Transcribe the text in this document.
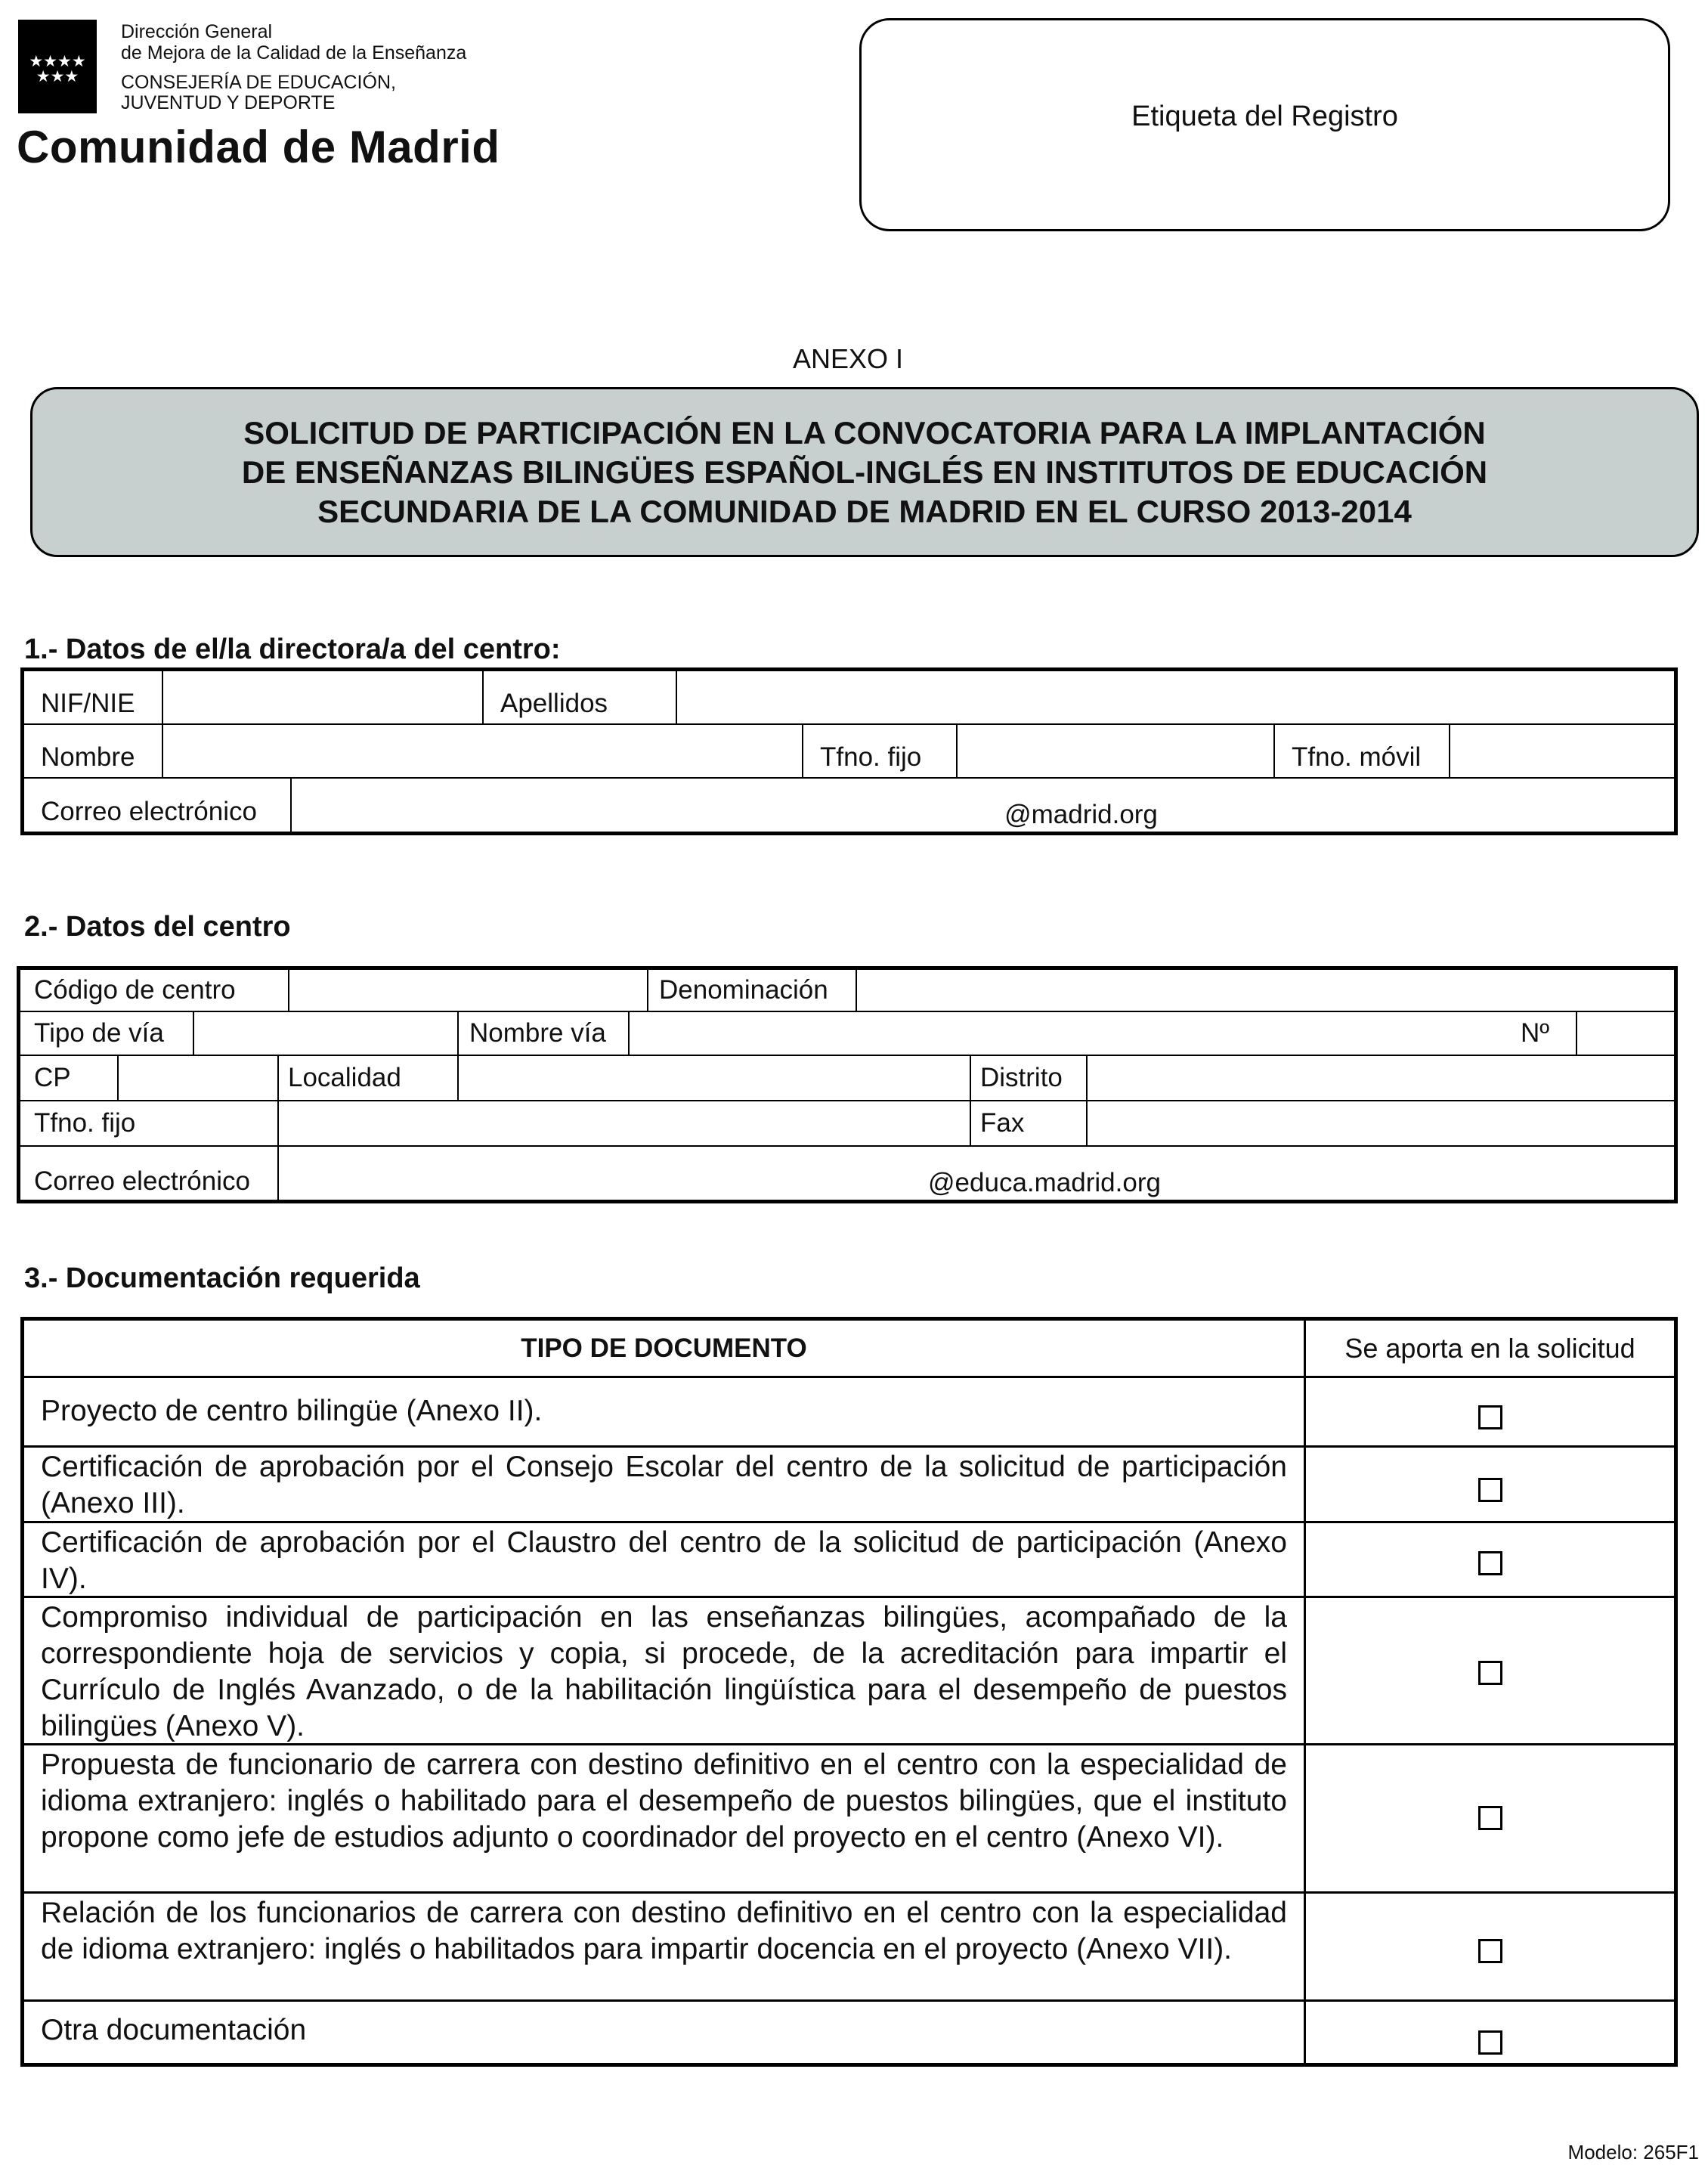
★★★★ ★★★
Dirección General
de Mejora de la Calidad de la Enseñanza
CONSEJERÍA DE EDUCACIÓN,
JUVENTUD Y DEPORTE
Comunidad de Madrid
Etiqueta del Registro
ANEXO I
SOLICITUD DE PARTICIPACIÓN EN LA CONVOCATORIA PARA LA IMPLANTACIÓN
DE ENSEÑANZAS BILINGÜES ESPAÑOL-INGLÉS EN INSTITUTOS DE EDUCACIÓN
SECUNDARIA DE LA COMUNIDAD DE MADRID EN EL CURSO 2013-2014
1.- Datos de el/la directora/a del centro:
NIF/NIE	Apellidos
Nombre	Tfno. fijo	Tfno. móvil
Correo electrónico	@madrid.org
2.- Datos del centro
Código de centro	Denominación
Tipo de vía	Nombre vía	Nº
CP	Localidad	Distrito
Tfno. fijo	Fax
Correo electrónico	@educa.madrid.org
3.- Documentación requerida
TIPO DE DOCUMENTO	Se aporta en la solicitud
Proyecto de centro bilingüe (Anexo II).
Certificación de aprobación por el Consejo Escolar del centro de la solicitud de participación (Anexo III).
Certificación de aprobación por el Claustro del centro de la solicitud de participación (Anexo IV).
Compromiso individual de participación en las enseñanzas bilingües, acompañado de la correspondiente hoja de servicios y copia, si procede, de la acreditación para impartir el Currículo de Inglés Avanzado, o de la habilitación lingüística para el desempeño de puestos bilingües (Anexo V).
Propuesta de funcionario de carrera con destino definitivo en el centro con la especialidad de idioma extranjero: inglés o habilitado para el desempeño de puestos bilingües, que el instituto propone como jefe de estudios adjunto o coordinador del proyecto en el centro (Anexo VI).
Relación de los funcionarios de carrera con destino definitivo en el centro con la especialidad de idioma extranjero: inglés o habilitados para impartir docencia en el proyecto (Anexo VII).
Otra documentación
Modelo: 265F1
